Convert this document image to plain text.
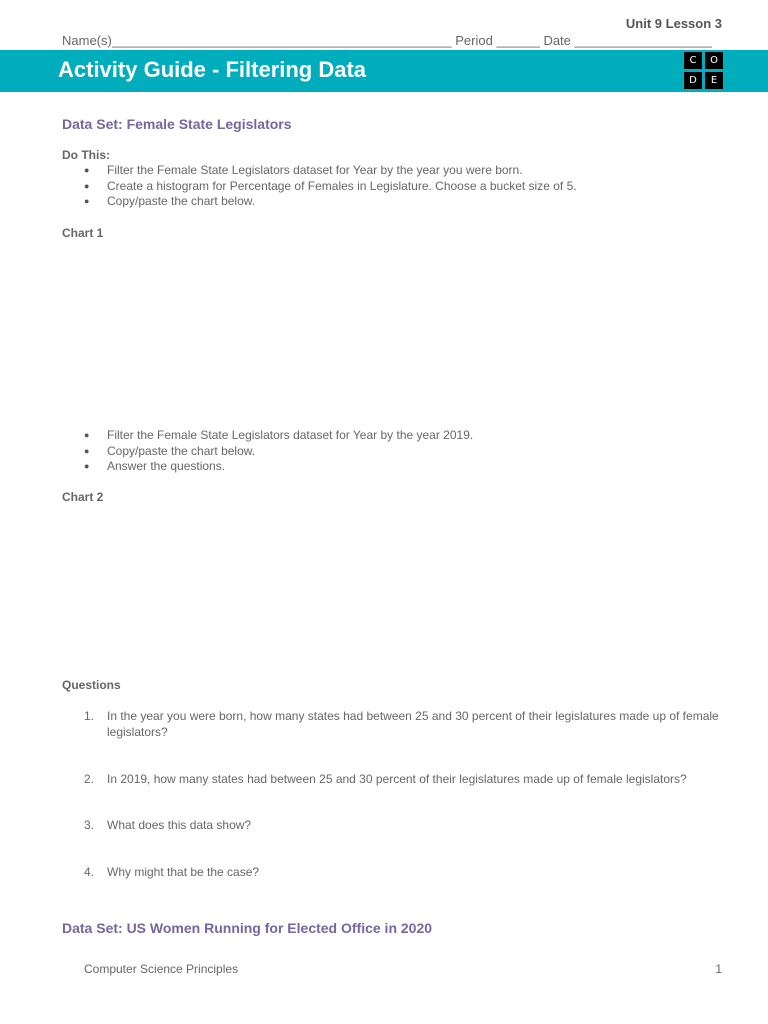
Unit 9 Lesson 3
Name(s)_______________________________________________ Period ______ Date ___________________
Activity Guide - Filtering Data	C	O
D	E
Data Set: Female State Legislators
Do This:
● Filter the Female State Legislators dataset for Year by the year you were born.
● Create a histogram for Percentage of Females in Legislature. Choose a bucket size of 5.
● Copy/paste the chart below.
Chart 1
● Filter the Female State Legislators dataset for Year by the year 2019.
● Copy/paste the chart below.
● Answer the questions.
Chart 2
Questions
1.	In the year you were born, how many states had between 25 and 30 percent of their legislatures made up of female legislators?
2.	In 2019, how many states had between 25 and 30 percent of their legislatures made up of female legislators?
3.	What does this data show?
4.	Why might that be the case?
Data Set: US Women Running for Elected Office in 2020
Computer Science Principles	1
